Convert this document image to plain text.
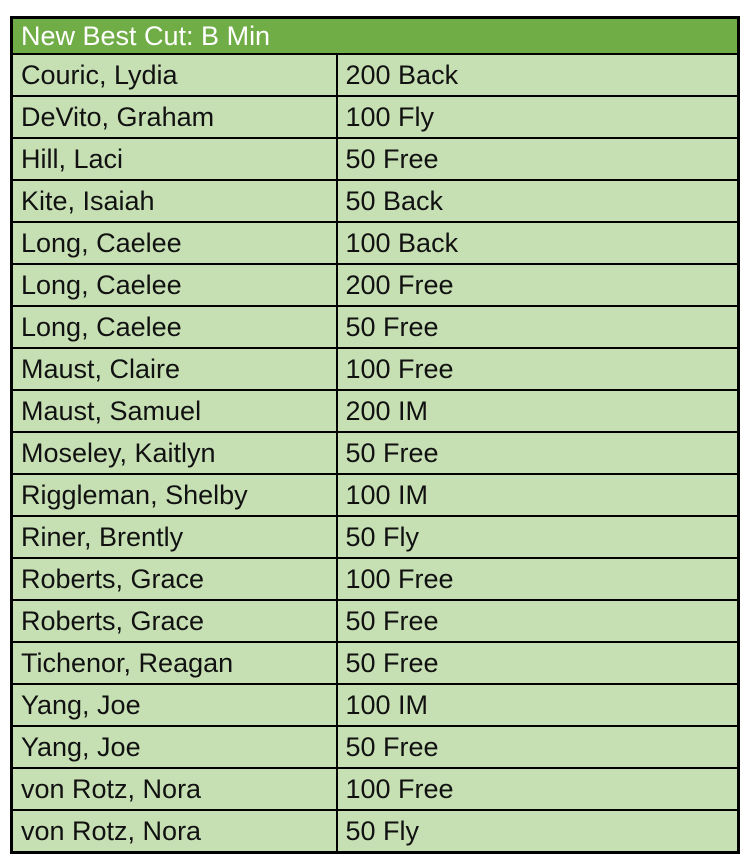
New Best Cut: B Min	
Couric, Lydia	200 Back
DeVito, Graham	100 Fly
Hill, Laci	50 Free
Kite, Isaiah	50 Back
Long, Caelee	100 Back
Long, Caelee	200 Free
Long, Caelee	50 Free
Maust, Claire	100 Free
Maust, Samuel	200 IM
Moseley, Kaitlyn	50 Free
Riggleman, Shelby	100 IM
Riner, Brently	50 Fly
Roberts, Grace	100 Free
Roberts, Grace	50 Free
Tichenor, Reagan	50 Free
Yang, Joe	100 IM
Yang, Joe	50 Free
von Rotz, Nora	100 Free
von Rotz, Nora	50 Fly
